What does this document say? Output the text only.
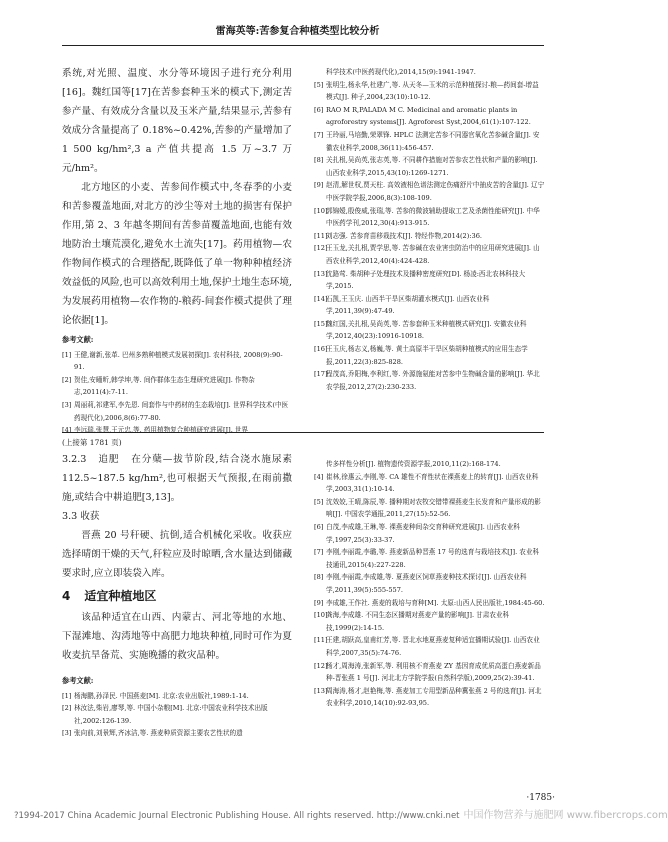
雷海英等:苦参复合种植类型比较分析

系统,对光照、温度、水分等环境因子进行充分利用[16]。魏红国等[17]在苦参套种玉米的模式下,测定苦参产量、有效成分含量以及玉米产量,结果显示,苦参有效成分含量提高了 0.18%~0.42%,苦参的产量增加了 1 500 kg/hm²,3 a 产值共提高 1.5 万~3.7 万元/hm²。

北方地区的小麦、苦参间作模式中,冬春季的小麦和苦参覆盖地面,对北方的沙尘等对土地的损害有保护作用,第 2、3 年越冬期间有苦参苗覆盖地面,也能有效地防治土壤荒漠化,避免水土流失[17]。药用植物—农作物间作模式的合理搭配,既降低了单一物种种植经济效益低的风险,也可以高效利用土地,保护土地生态环境,为发展药用植物—农作物的-粮药-间套作模式提供了理论依据[1]。

参考文献:
[1] 王健,谢新,张革. 巴州多熟种植模式发展初探[J]. 农村科技, 2008(9):90-91.
[2] 贺佳,安曈昕,韩学坤,等. 间作群体生态生理研究进展[J]. 作物杂志,2011(4):7-11.
[3] 周丽莉,祁建军,李先恩. 间套作与中药材的生态栽培[J]. 世界科学技术(中医药现代化),2006,8(6):77-80.
[4] 李远瑞,张慧,王元忠,等. 药用植物复合种植研究进展[J]. 世界
科学技术(中医药现代化),2014,15(9):1941-1947.
[5] 张明生,杨永华,杜建广,等. 从天冬—玉米的示范种植探讨-粮—药间套-增益模式[J]. 种子,2004,23(10):10-12.
[6] RAO M R,PALADA M C. Medicinal and aromatic plants in agroforestry systems[J]. Agroforest Syst,2004,61(1):107-122.
[7] 王玲丽,马培勤,荣翠锋. HPLC 法测定苦参不同器官氧化苦参碱含量[J]. 安徽农业科学,2008,36(11):456-457.
[8] 关扎根,吴尚英,张志英,等. 不同耕作措施对苦参农艺性状和产量的影响[J]. 山西农业科学,2015,43(10):1269-1271.
[9] 赵清,解世权,贾天柱. 高效液相色谱法测定伤痛舒片中抽皮苦的含量[J]. 辽宁中医学院学报,2006,8(3):108-109.
[10]
郭锦嫒,殷俊威,张瑞,等. 苦参的微波辅助提取工艺及杀菌性能研究[J]. 中华中医药学刊,2012,30(4):913-915.
[11]
刘志强. 苦参育苗移栽技术[J]. 特经作物,2014(2):36.
[12]
王玉龙,关扎根,贾学思,等. 苦参碱在农业害虫防治中的应用研究进展[J]. 山西农业科学,2012,40(4):424-428.
[13]
沈路莺. 柴胡种子处理技术及播种密度研究[D]. 杨凌:西北农林科技大学,2015.
[14]
石凯,王玉庆. 山西半干旱区柴胡灌水模式[J]. 山西农业科学,2011,39(9):47-49.
[15]
魏红国,关扎根,吴尚英,等. 苦参套种玉米种植模式研究[J]. 安徽农业科学,2012,40(23):10916-10918.
[16]
王玉庆,杨志义,杨巍,等. 黄土高原半干旱区柴胡种植模式的应用生态学报,2011,22(3):825-828.
[17]
程茂高,乔阳梅,李利红,等. 外源施氨能对苦参中生物碱含量的影响[J]. 华北农学报,2012,27(2):230-233.
(上接第 1781 页)

3.2.3 追肥 在分蘖—拔节阶段,结合浇水施尿素 112.5~187.5 kg/hm²,也可根据天气预报,在雨前撒施,或结合中耕追肥[3,13]。

3.3 收获

晋燕 20 号秆硬、抗倒,适合机械化采收。收获应选择晴朗干燥的天气,秆粒应及时晾晒,含水量达到储藏要求时,应立即装袋入库。

4 适宜种植地区

该品种适宜在山西、内蒙古、河北等地的水地、下湿滩地、沟湾地等中高肥力地块种植,同时可作为夏收麦抗旱备荒、实施晚播的救灾品种。

参考文献:
[1] 杨海鹏,孙泽民. 中国燕麦[M]. 北京:农业出版社,1989:1-14.
[2] 林汝法,柴岩,廖琴,等. 中国小杂粮[M]. 北京:中国农业科学技术出版社,2002:126-139.
[3] 张向前,刘景辉,齐冰洁,等. 燕麦种质资源主要农艺性状的遗
传多样性分析[J]. 植物遗传资源学报,2010,11(2):168-174.
[4] 崔林,徐惠云,李刚,等. CA 雄性不育性状在裸燕麦上的转育[J]. 山西农业科学,2003,31(1):10-14.
[5] 沈效姣,王晴,陈辰,等. 播种期对农牧交错带裸燕麦生长发育和产量形成的影响[J]. 中国农学通报,2011,27(15):52-56.
[6] 白茂,李成雄,王琳,等. 裸燕麦种间杂交育种研究进展[J]. 山西农业科学,1997,25(3):33-37.
[7] 李刚,李丽霞,李璐,等. 燕麦新品种晋燕 17 号的选育与栽培技术[J]. 农业科技通讯,2015(4):227-228.
[8] 李刚,李丽霞,李成雄,等. 夏燕麦区饲草燕麦种技术探讨[J]. 山西农业科学,2011,39(5):555-557.
[9] 李成雄,王作社. 燕麦的栽培与育种[M]. 太原:山西人民出版社,1984:45-60.
[10]
龚海,李成雄. 不同生态区播期对燕麦产量的影响[J]. 甘肃农业科技,1999(2):14-15.
[11]
王建,胡跃高,皇甫红芳,等. 晋北水地夏燕麦复种适宜播期试验[J]. 山西农业科学,2007,35(5):74-76.
[12]
杨才,周海涛,张新军,等. 利用核不育燕麦 ZY 基因育成优质高蛋白燕麦新品种-晋张燕 1 号[J]. 河北北方学院学报(自然科学版),2009,25(2):39-41.
[13]
周海涛,杨才,赵艳梅,等. 燕麦加工专用型新品种冀张燕 2 号的选育[J]. 河北农业科学,2010,14(10):92-93,95.
·1785·
?1994-2017 China Academic Journal Electronic Publishing House. All rights reserved. http://www.cnki.net 中国作物营养与施肥网 www.fibercrops.com
